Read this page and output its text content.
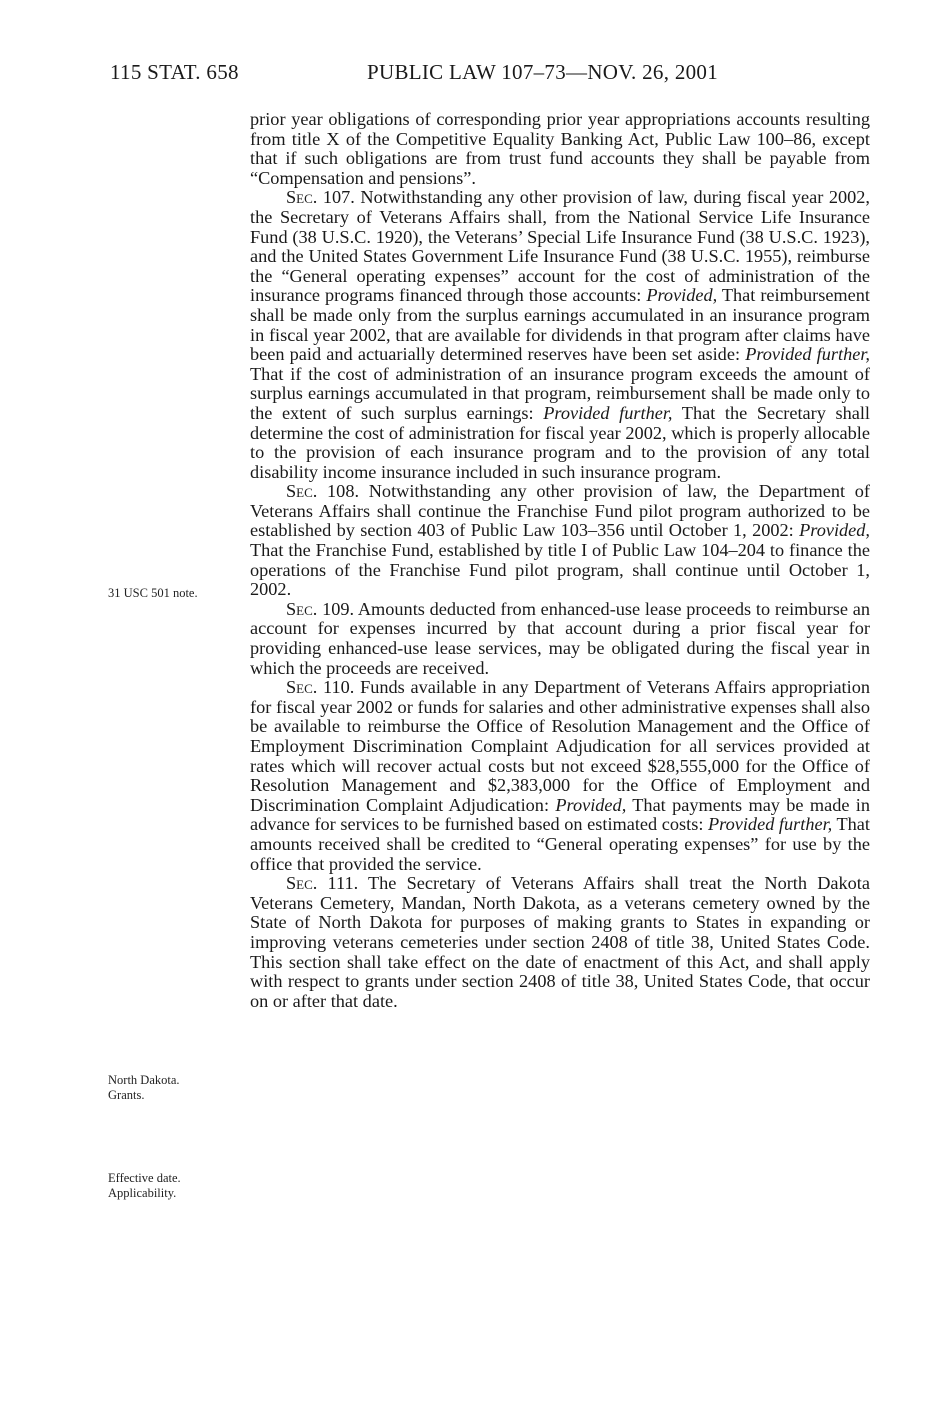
115 STAT. 658	PUBLIC LAW 107–73—NOV. 26, 2001

prior year obligations of corresponding prior year appropriations accounts resulting from title X of the Competitive Equality Banking Act, Public Law 100–86, except that if such obligations are from trust fund accounts they shall be payable from “Compensation and pensions”.

Sec. 107. Notwithstanding any other provision of law, during fiscal year 2002, the Secretary of Veterans Affairs shall, from the National Service Life Insurance Fund (38 U.S.C. 1920), the Veterans’ Special Life Insurance Fund (38 U.S.C. 1923), and the United States Government Life Insurance Fund (38 U.S.C. 1955), reimburse the “General operating expenses” account for the cost of administration of the insurance programs financed through those accounts: Provided, That reimbursement shall be made only from the surplus earnings accumulated in an insurance program in fiscal year 2002, that are available for dividends in that program after claims have been paid and actuarially determined reserves have been set aside: Provided further, That if the cost of administration of an insurance program exceeds the amount of surplus earnings accumulated in that program, reimbursement shall be made only to the extent of such surplus earnings: Provided further, That the Secretary shall determine the cost of administration for fiscal year 2002, which is properly allocable to the provision of each insurance program and to the provision of any total disability income insurance included in such insurance program.

Sec. 108. Notwithstanding any other provision of law, the Department of Veterans Affairs shall continue the Franchise Fund pilot program authorized to be established by section 403 of Public Law 103–356 until October 1, 2002: Provided, That the Franchise Fund, established by title I of Public Law 104–204 to finance the operations of the Franchise Fund pilot program, shall continue until October 1, 2002.

Sec. 109. Amounts deducted from enhanced-use lease proceeds to reimburse an account for expenses incurred by that account during a prior fiscal year for providing enhanced-use lease services, may be obligated during the fiscal year in which the proceeds are received.

Sec. 110. Funds available in any Department of Veterans Affairs appropriation for fiscal year 2002 or funds for salaries and other administrative expenses shall also be available to reimburse the Office of Resolution Management and the Office of Employment Discrimination Complaint Adjudication for all services provided at rates which will recover actual costs but not exceed $28,555,000 for the Office of Resolution Management and $2,383,000 for the Office of Employment and Discrimination Complaint Adjudication: Provided, That payments may be made in advance for services to be furnished based on estimated costs: Provided further, That amounts received shall be credited to “General operating expenses” for use by the office that provided the service.

Sec. 111. The Secretary of Veterans Affairs shall treat the North Dakota Veterans Cemetery, Mandan, North Dakota, as a veterans cemetery owned by the State of North Dakota for purposes of making grants to States in expanding or improving veterans cemeteries under section 2408 of title 38, United States Code. This section shall take effect on the date of enactment of this Act, and shall apply with respect to grants under section 2408 of title 38, United States Code, that occur on or after that date.

31 USC 501 note.
North Dakota.
Grants.
Effective date.
Applicability.
